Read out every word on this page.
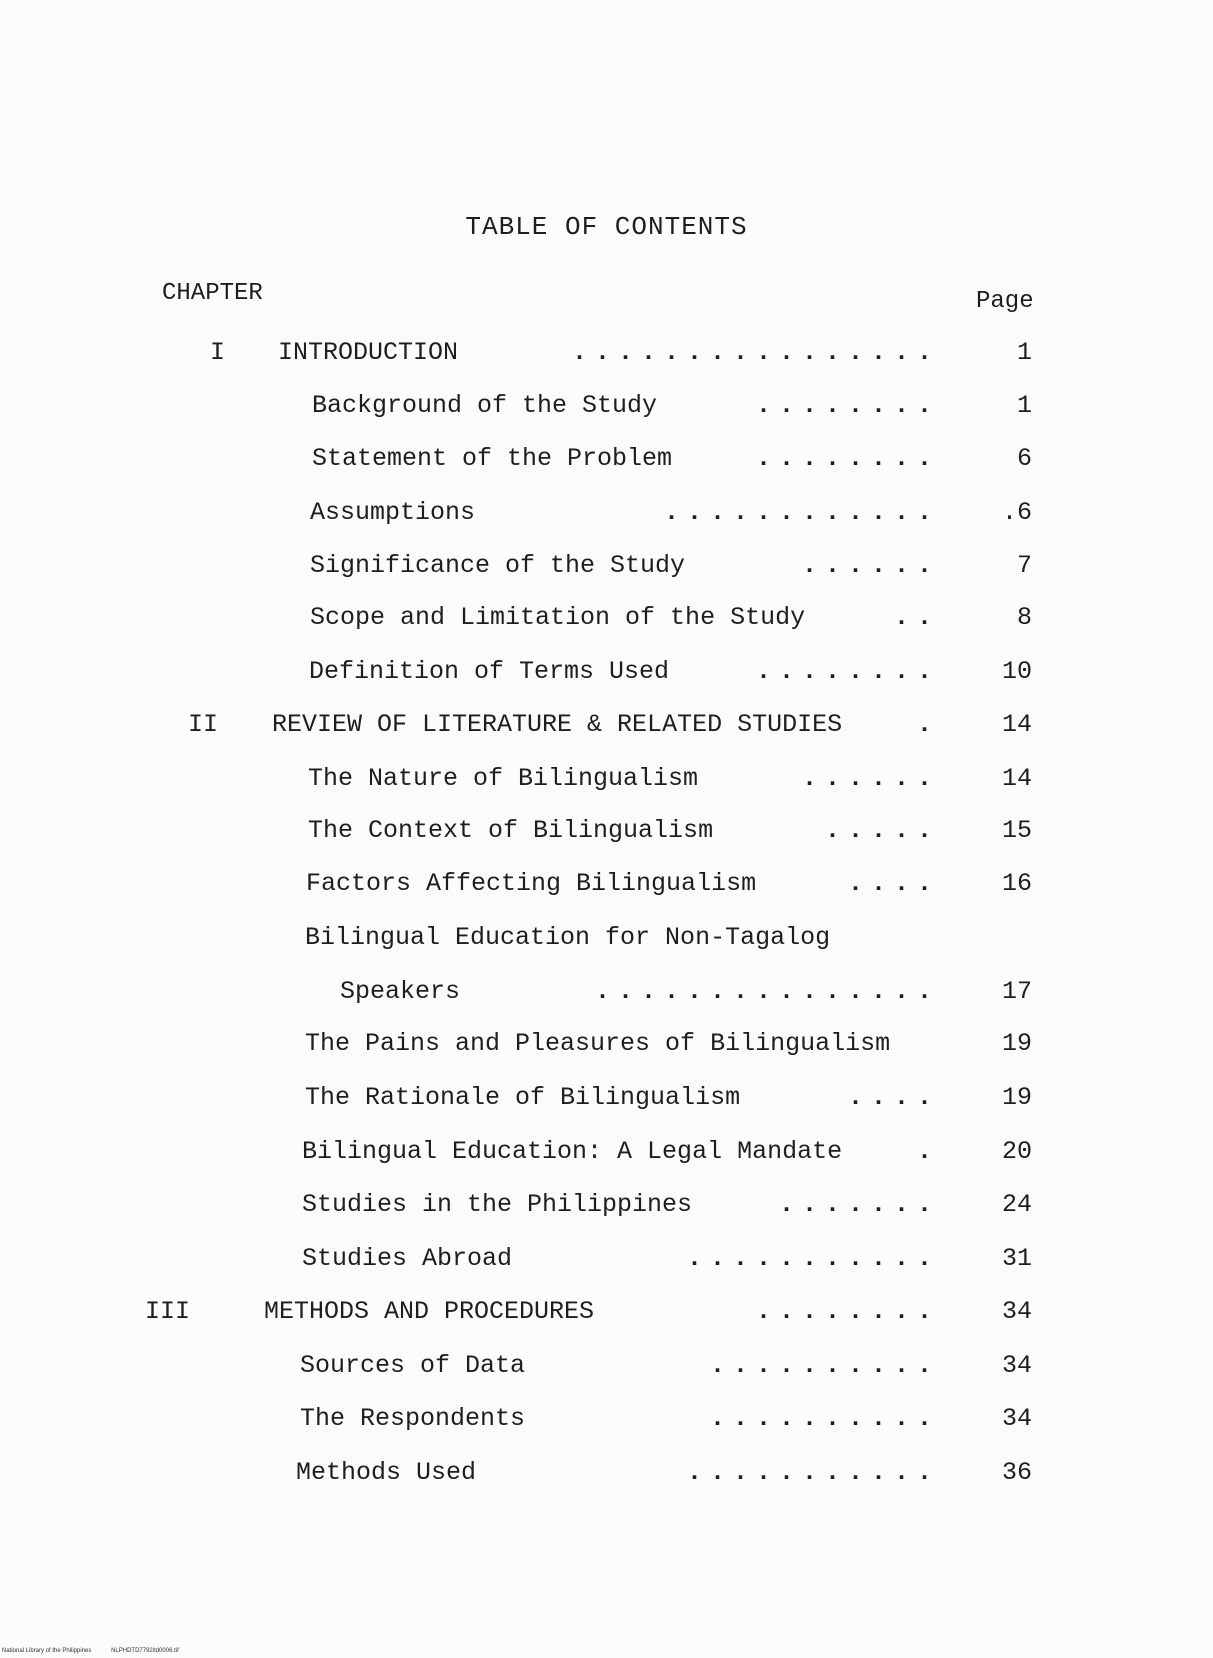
TABLE OF CONTENTS
CHAPTER	Page
I INTRODUCTION	................	1
Background of the Study	........	1
Statement of the Problem	........	6
Assumptions	............	.6
Significance of the Study	......	7
Scope and Limitation of the Study	..	8
Definition of Terms Used	........	10
II REVIEW OF LITERATURE & RELATED STUDIES	.	14
The Nature of Bilingualism	......	14
The Context of Bilingualism	.....	15
Factors Affecting Bilingualism	....	16
Bilingual Education for Non-Tagalog
Speakers	...............	17
The Pains and Pleasures of Bilingualism	19
The Rationale of Bilingualism	....	19
Bilingual Education: A Legal Mandate	.	20
Studies in the Philippines	.......	24
Studies Abroad	...........	31
III	METHODS AND PROCEDURES	........	34
Sources of Data	..........	34
The Respondents	..........	34
Methods Used	...........	36
National Library of the Philippines	NLPHDTD7792itd0006.tif
